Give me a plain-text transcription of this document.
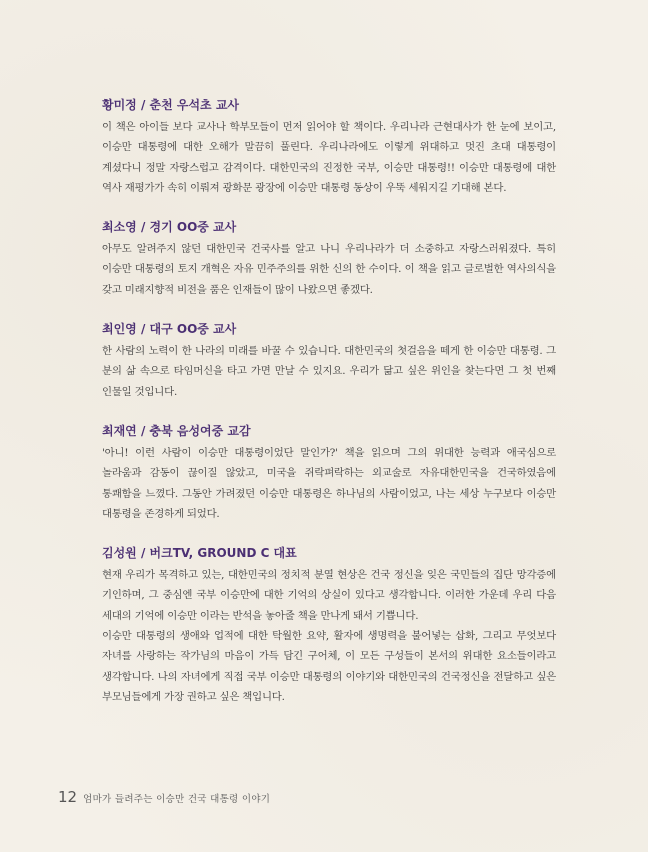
황미정 / 춘천 우석초 교사

이 책은 아이들 보다 교사나 학부모들이 먼저 읽어야 할 책이다. 우리나라 근현대사가 한 눈에 보이고, 이승만 대통령에 대한 오해가 말끔히 풀린다. 우리나라에도 이렇게 위대하고 멋진 초대 대통령이 계셨다니 정말 자랑스럽고 감격이다. 대한민국의 진정한 국부, 이승만 대통령!! 이승만 대통령에 대한 역사 재평가가 속히 이뤄져 광화문 광장에 이승만 대통령 동상이 우뚝 세워지길 기대해 본다.

최소영 / 경기 OO중 교사

아무도 알려주지 않던 대한민국 건국사를 알고 나니 우리나라가 더 소중하고 자랑스러워졌다. 특히 이승만 대통령의 토지 개혁은 자유 민주주의를 위한 신의 한 수이다. 이 책을 읽고 글로벌한 역사의식을 갖고 미래지향적 비전을 품은 인재들이 많이 나왔으면 좋겠다.

최인영 / 대구 OO중 교사

한 사람의 노력이 한 나라의 미래를 바꿀 수 있습니다. 대한민국의 첫걸음을 떼게 한 이승만 대통령. 그 분의 삶 속으로 타임머신을 타고 가면 만날 수 있지요. 우리가 닮고 싶은 위인을 찾는다면 그 첫 번째 인물일 것입니다.

최재연 / 충북 음성여중 교감

'아니! 이런 사람이 이승만 대통령이었단 말인가?' 책을 읽으며 그의 위대한 능력과 애국심으로 놀라움과 감동이 끊이질 않았고, 미국을 쥐락펴락하는 외교술로 자유대한민국을 건국하였음에 통쾌함을 느꼈다. 그동안 가려졌던 이승만 대통령은 하나님의 사람이었고, 나는 세상 누구보다 이승만 대통령을 존경하게 되었다.

김성원 / 버크TV, GROUND C 대표

현재 우리가 목격하고 있는, 대한민국의 정치적 분열 현상은 건국 정신을 잊은 국민들의 집단 망각증에 기인하며, 그 중심엔 국부 이승만에 대한 기억의 상실이 있다고 생각합니다. 이러한 가운데 우리 다음 세대의 기억에 이승만 이라는 반석을 놓아줄 책을 만나게 돼서 기쁩니다.

이승만 대통령의 생애와 업적에 대한 탁월한 요약, 활자에 생명력을 불어넣는 삽화, 그리고 무엇보다 자녀를 사랑하는 작가님의 마음이 가득 담긴 구어체, 이 모든 구성들이 본서의 위대한 요소들이라고 생각합니다. 나의 자녀에게 직접 국부 이승만 대통령의 이야기와 대한민국의 건국정신을 전달하고 싶은 부모님들에게 가장 권하고 싶은 책입니다.

12 엄마가 들려주는 이승만 건국 대통령 이야기
